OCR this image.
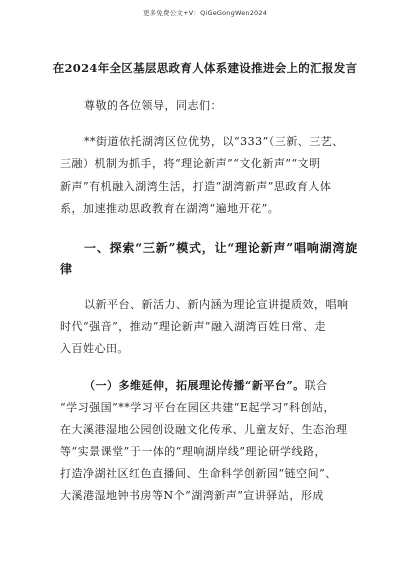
更多免费公文+V：QiGeGongWen2024
在2024年全区基层思政育人体系建设推进会上的汇报发言
尊敬的各位领导，同志们：
**街道依托湖湾区位优势，以“333”（三新、三艺、
三融）机制为抓手，将“理论新声”“文化新声”“文明
新声”有机融入湖湾生活，打造“湖湾新声”思政育人体
系，加速推动思政教育在湖湾“遍地开花”。
一、探索“三新”模式，让“理论新声”唱响湖湾旋
律
以新平台、新活力、新内涵为理论宣讲提质效，唱响
时代“强音”，推动“理论新声”融入湖湾百姓日常、走
入百姓心田。
（一）多维延伸，拓展理论传播“新平台”。联合
“学习强国”**学习平台在园区共建“E起学习”科创站，
在大溪港湿地公园创设融文化传承、儿童友好、生态治理
等“实景课堂”于一体的“理响湖岸线”理论研学线路，
打造净湖社区红色直播间、生命科学创新园“链空间”、
大溪港湿地钟书房等N个“湖湾新声”宣讲驿站，形成
